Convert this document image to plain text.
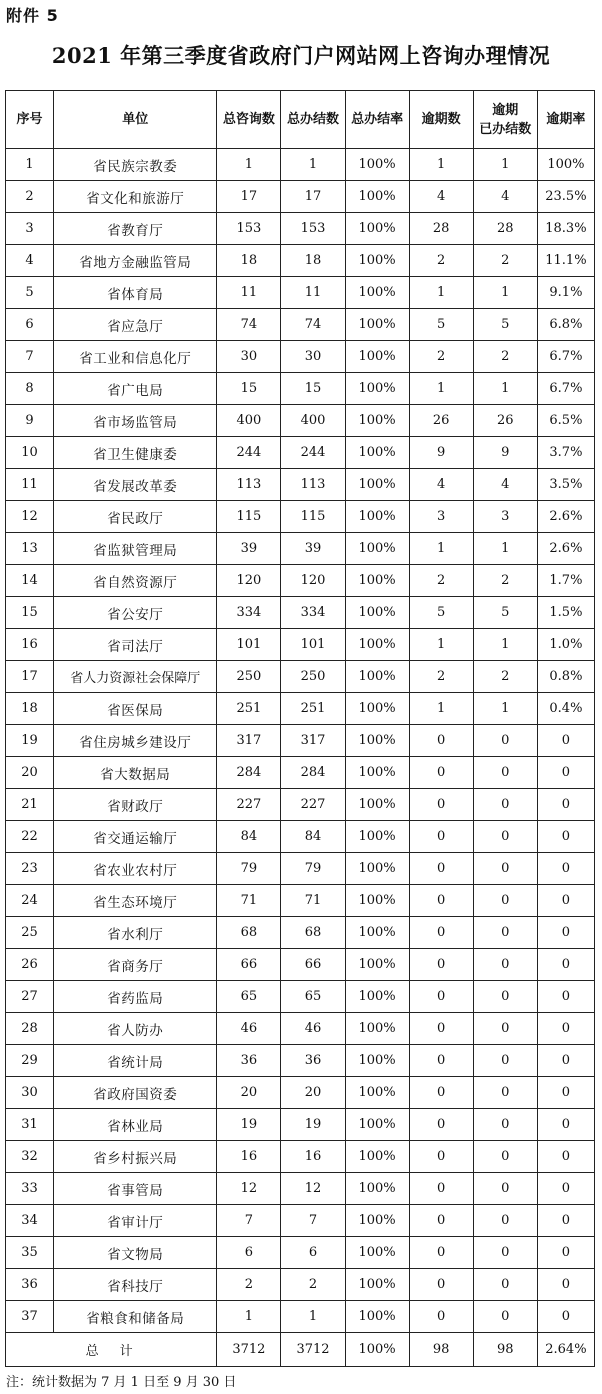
附件 5
2021 年第三季度省政府门户网站网上咨询办理情况
序号	单位	总咨询数	总办结数	总办结率	逾期数	逾期
已办结数	逾期率
1	省民族宗教委	1	1	100%	1	1	100%
2	省文化和旅游厅	17	17	100%	4	4	23.5%
3	省教育厅	153	153	100%	28	28	18.3%
4	省地方金融监管局	18	18	100%	2	2	11.1%
5	省体育局	11	11	100%	1	1	9.1%
6	省应急厅	74	74	100%	5	5	6.8%
7	省工业和信息化厅	30	30	100%	2	2	6.7%
8	省广电局	15	15	100%	1	1	6.7%
9	省市场监管局	400	400	100%	26	26	6.5%
10	省卫生健康委	244	244	100%	9	9	3.7%
11	省发展改革委	113	113	100%	4	4	3.5%
12	省民政厅	115	115	100%	3	3	2.6%
13	省监狱管理局	39	39	100%	1	1	2.6%
14	省自然资源厅	120	120	100%	2	2	1.7%
15	省公安厅	334	334	100%	5	5	1.5%
16	省司法厅	101	101	100%	1	1	1.0%
17	省人力资源社会保障厅	250	250	100%	2	2	0.8%
18	省医保局	251	251	100%	1	1	0.4%
19	省住房城乡建设厅	317	317	100%	0	0	0
20	省大数据局	284	284	100%	0	0	0
21	省财政厅	227	227	100%	0	0	0
22	省交通运输厅	84	84	100%	0	0	0
23	省农业农村厅	79	79	100%	0	0	0
24	省生态环境厅	71	71	100%	0	0	0
25	省水利厅	68	68	100%	0	0	0
26	省商务厅	66	66	100%	0	0	0
27	省药监局	65	65	100%	0	0	0
28	省人防办	46	46	100%	0	0	0
29	省统计局	36	36	100%	0	0	0
30	省政府国资委	20	20	100%	0	0	0
31	省林业局	19	19	100%	0	0	0
32	省乡村振兴局	16	16	100%	0	0	0
33	省事管局	12	12	100%	0	0	0
34	省审计厅	7	7	100%	0	0	0
35	省文物局	6	6	100%	0	0	0
36	省科技厅	2	2	100%	0	0	0
37	省粮食和储备局	1	1	100%	0	0	0
总　计		3712	3712	100%	98	98	2.64%
注：统计数据为 7 月 1 日至 9 月 30 日
